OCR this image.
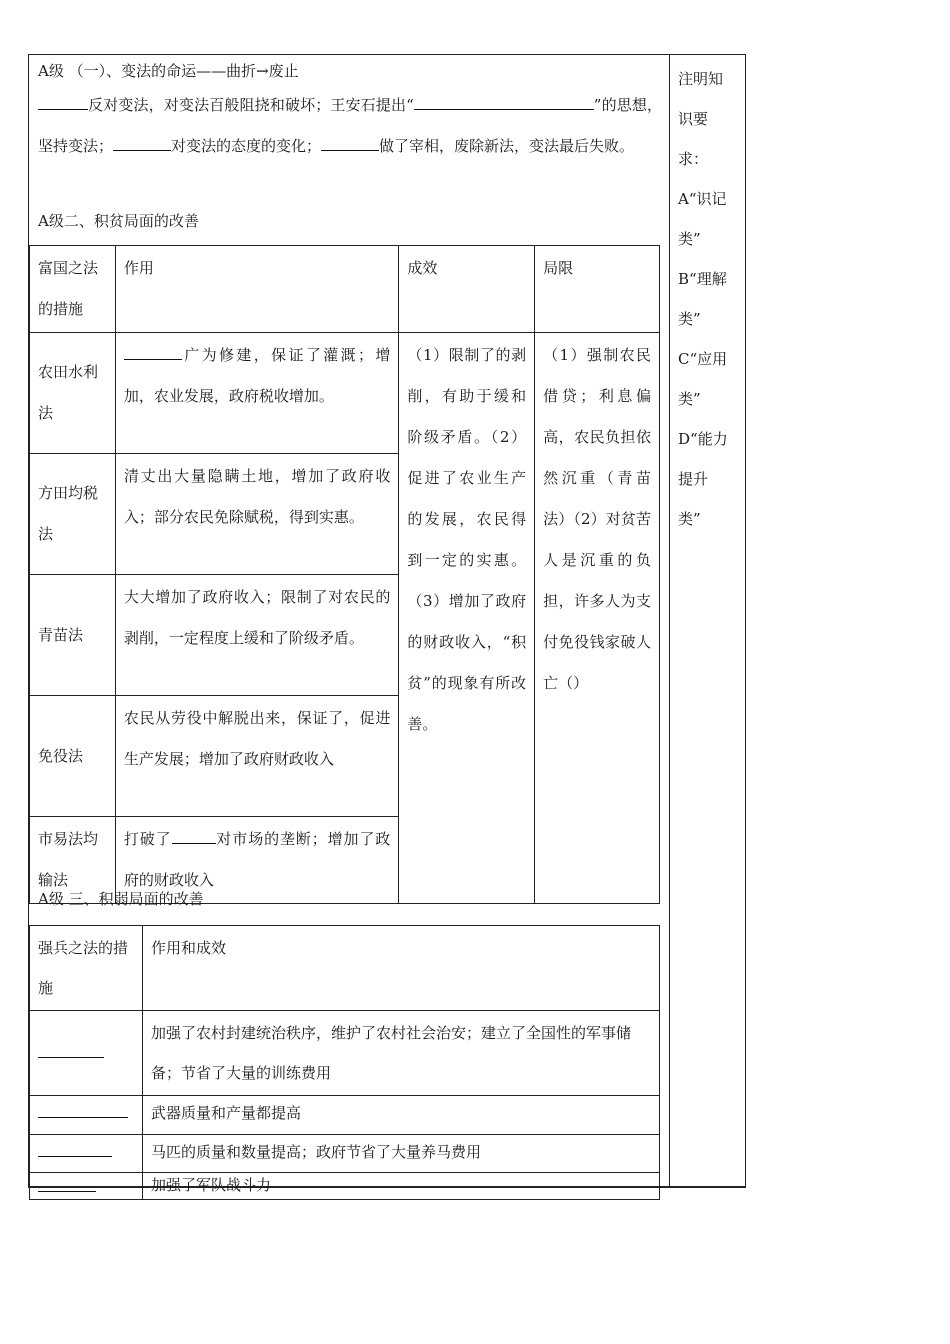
A级 （一）、变法的命运——曲折→废止
反对变法，对变法百般阻挠和破坏；王安石提出“	”的思想，坚持变法；	对变法的态度的变化；	做了宰相，废除新法，变法最后失败。
A级二、积贫局面的改善
富国之法的措施	作用	成效	局限
农田水利法	广为修建，保证了灌溉；增加，农业发展，政府税收增加。	（1）限制了的剥削，有助于缓和阶级矛盾。（2）促进了农业生产的发展，农民得到一定的实惠。（3）增加了政府的财政收入，“积贫”的现象有所改善。	（1）强制农民借贷；利息偏高，农民负担依然沉重（青苗法）（2）对贫苦人是沉重的负担，许多人为支付免役钱家破人亡（）
方田均税法	清丈出大量隐瞒土地，增加了政府收入；部分农民免除赋税，得到实惠。		
青苗法	大大增加了政府收入；限制了对农民的剥削，一定程度上缓和了阶级矛盾。		
免役法	农民从劳役中解脱出来，保证了，促进生产发展；增加了政府财政收入		
市易法均输法	打破了 对市场的垄断；增加了政府的财政收入		
A级 三、积弱局面的改善
强兵之法的措施	作用和成效
	加强了农村封建统治秩序，维护了农村社会治安；建立了全国性的军事储备；节省了大量的训练费用
	武器质量和产量都提高
	马匹的质量和数量提高；政府节省了大量养马费用
	加强了军队战斗力
注明知
识要
求：
A“识记
类”
B“理解
类”
C“应用
类”
D“能力
提升
类”
